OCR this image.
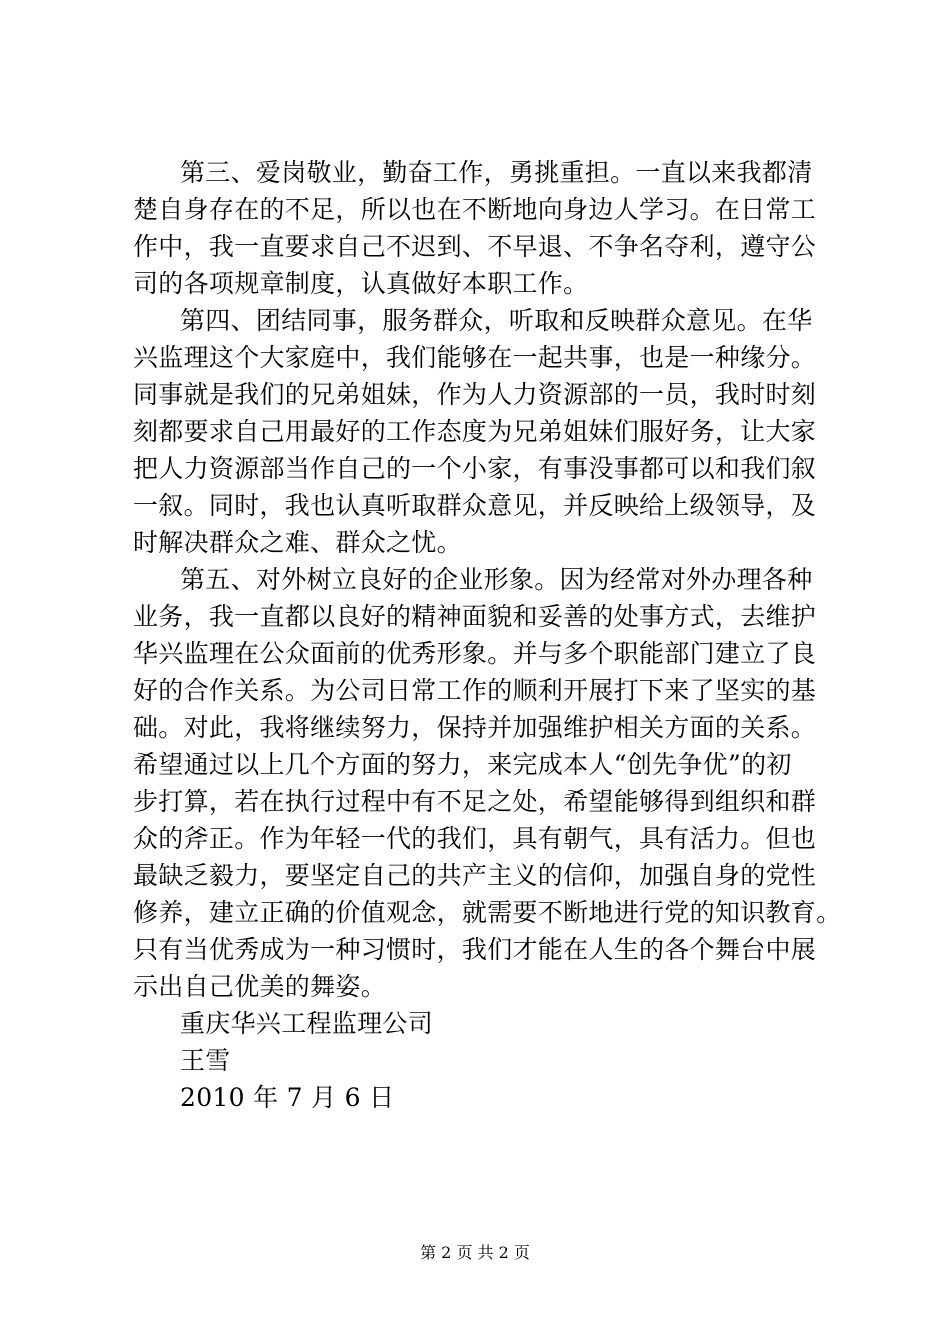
第三、爱岗敬业，勤奋工作，勇挑重担。一直以来我都清
楚自身存在的不足，所以也在不断地向身边人学习。在日常工
作中，我一直要求自己不迟到、不早退、不争名夺利，遵守公
司的各项规章制度，认真做好本职工作。
第四、团结同事，服务群众，听取和反映群众意见。在华
兴监理这个大家庭中，我们能够在一起共事，也是一种缘分。
同事就是我们的兄弟姐妹，作为人力资源部的一员，我时时刻
刻都要求自己用最好的工作态度为兄弟姐妹们服好务，让大家
把人力资源部当作自己的一个小家，有事没事都可以和我们叙
一叙。同时，我也认真听取群众意见，并反映给上级领导，及
时解决群众之难、群众之忧。
第五、对外树立良好的企业形象。因为经常对外办理各种
业务，我一直都以良好的精神面貌和妥善的处事方式，去维护
华兴监理在公众面前的优秀形象。并与多个职能部门建立了良
好的合作关系。为公司日常工作的顺利开展打下来了坚实的基
础。对此，我将继续努力，保持并加强维护相关方面的关系。
希望通过以上几个方面的努力，来完成本人“创先争优”的初
步打算，若在执行过程中有不足之处，希望能够得到组织和群
众的斧正。作为年轻一代的我们，具有朝气，具有活力。但也
最缺乏毅力，要坚定自己的共产主义的信仰，加强自身的党性
修养，建立正确的价值观念，就需要不断地进行党的知识教育。
只有当优秀成为一种习惯时，我们才能在人生的各个舞台中展
示出自己优美的舞姿。
重庆华兴工程监理公司
王雪
2010 年 7 月 6 日
第 2 页 共 2 页
